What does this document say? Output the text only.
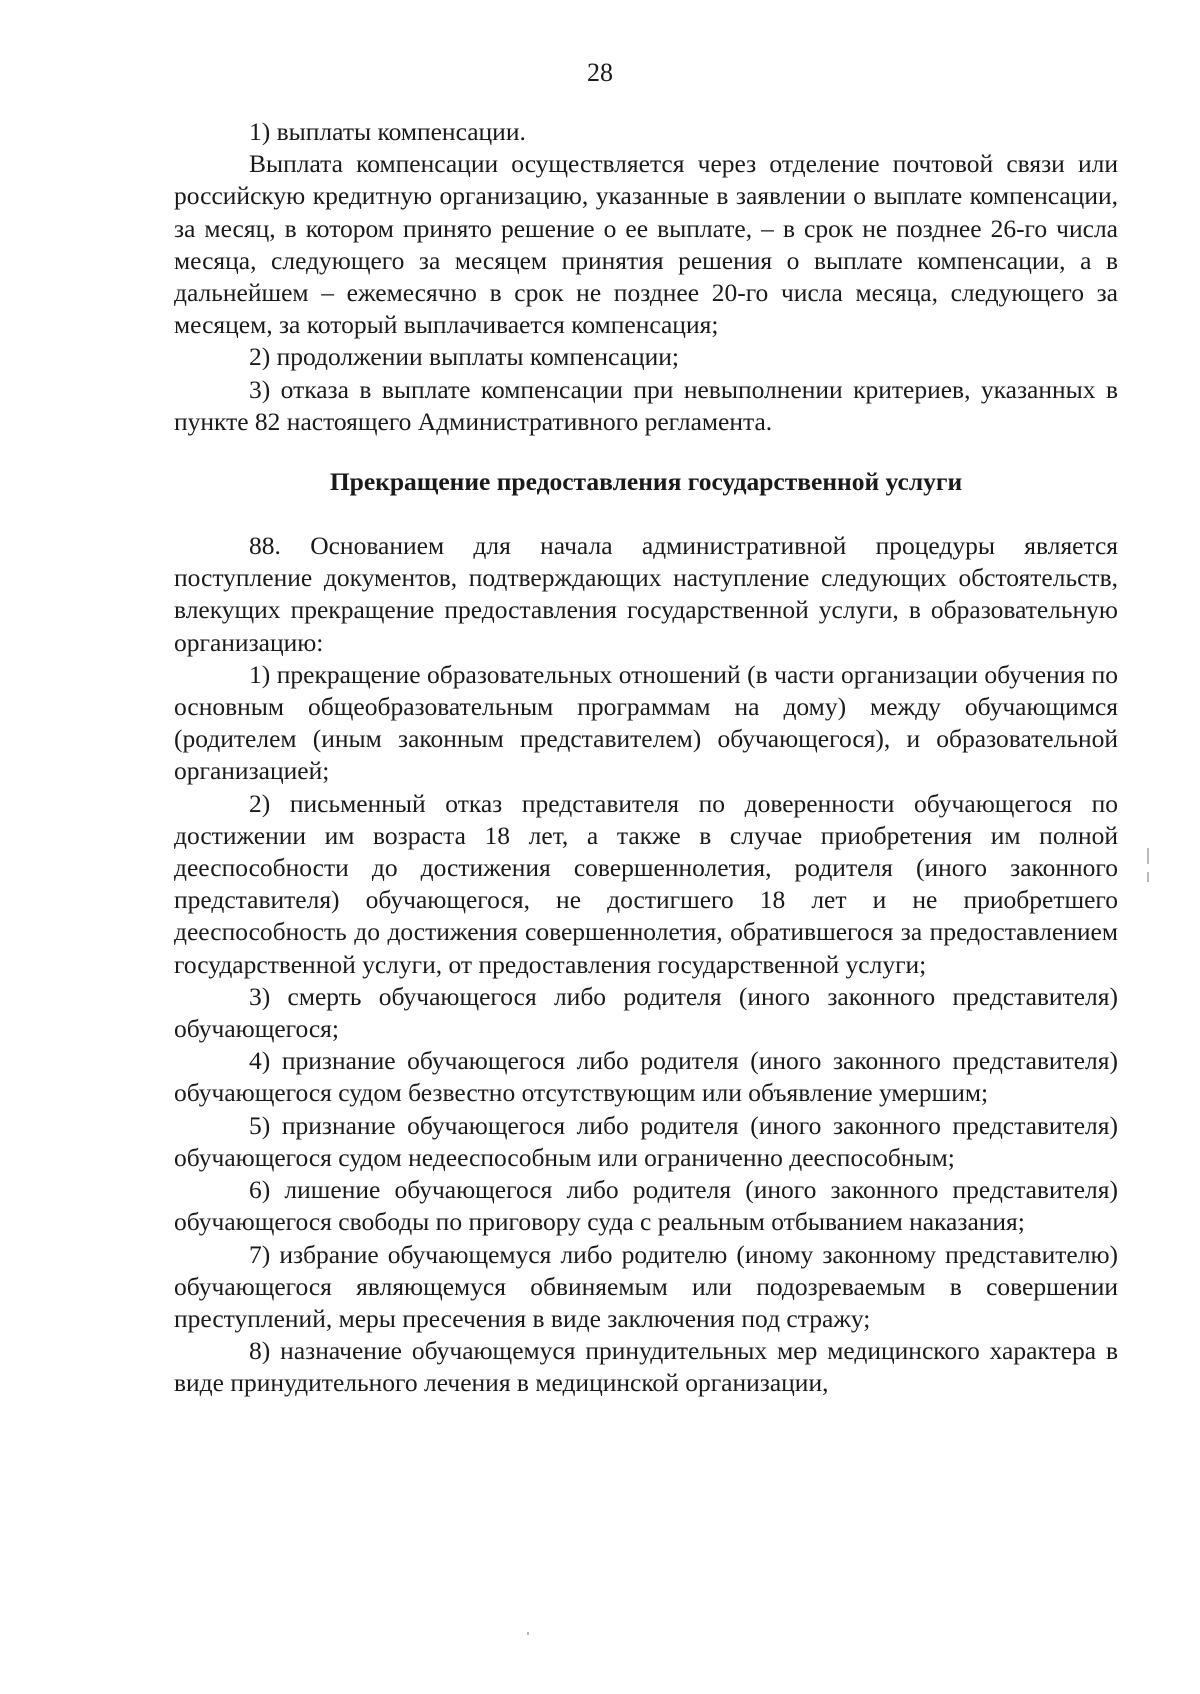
28

1) выплаты компенсации.

Выплата компенсации осуществляется через отделение почтовой связи или российскую кредитную организацию, указанные в заявлении о выплате компенсации, за месяц, в котором принято решение о ее выплате, – в срок не позднее 26-го числа месяца, следующего за месяцем принятия решения о выплате компенсации, а в дальнейшем – ежемесячно в срок не позднее 20-го числа месяца, следующего за месяцем, за который выплачивается компенсация;

2) продолжении выплаты компенсации;

3) отказа в выплате компенсации при невыполнении критериев, указанных в пункте 82 настоящего Административного регламента.

Прекращение предоставления государственной услуги

88. Основанием для начала административной процедуры является поступление документов, подтверждающих наступление следующих обстоятельств, влекущих прекращение предоставления государственной услуги, в образовательную организацию:

1) прекращение образовательных отношений (в части организации обучения по основным общеобразовательным программам на дому) между обучающимся (родителем (иным законным представителем) обучающегося), и образовательной организацией;

2) письменный отказ представителя по доверенности обучающегося по достижении им возраста 18 лет, а также в случае приобретения им полной дееспособности до достижения совершеннолетия, родителя (иного законного представителя) обучающегося, не достигшего 18 лет и не приобретшего дееспособность до достижения совершеннолетия, обратившегося за предоставлением государственной услуги, от предоставления государственной услуги;

3) смерть обучающегося либо родителя (иного законного представителя) обучающегося;

4) признание обучающегося либо родителя (иного законного представителя) обучающегося судом безвестно отсутствующим или объявление умершим;

5) признание обучающегося либо родителя (иного законного представителя) обучающегося судом недееспособным или ограниченно дееспособным;

6) лишение обучающегося либо родителя (иного законного представителя) обучающегося свободы по приговору суда с реальным отбыванием наказания;

7) избрание обучающемуся либо родителю (иному законному представителю) обучающегося являющемуся обвиняемым или подозреваемым в совершении преступлений, меры пресечения в виде заключения под стражу;

8) назначение обучающемуся принудительных мер медицинского характера в виде принудительного лечения в медицинской организации,
